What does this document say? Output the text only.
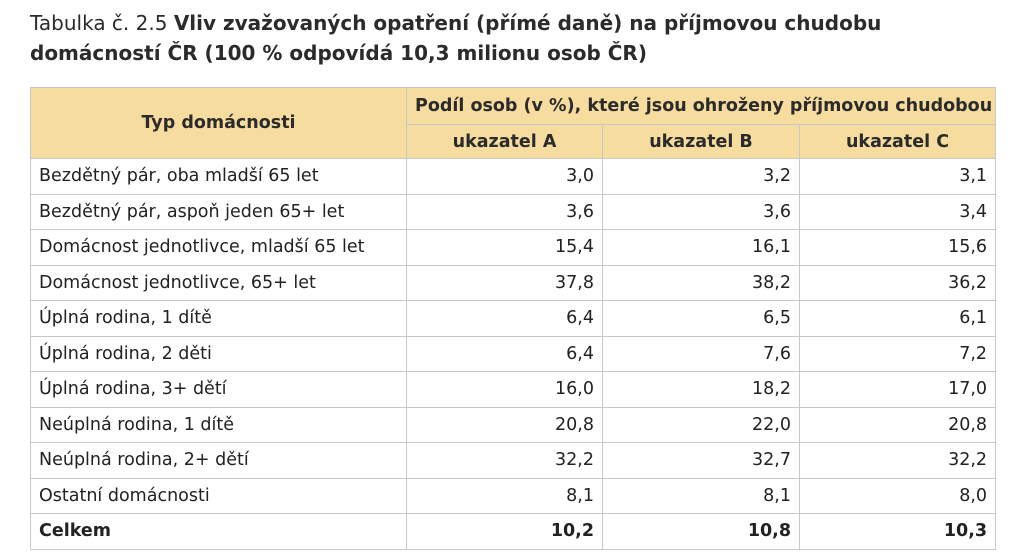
Tabulka č. 2.5 Vliv zvažovaných opatření (přímé daně) na příjmovou chudobu domácností ČR (100 % odpovídá 10,3 milionu osob ČR)
Typ domácnosti	Podíl osob (v %), které jsou ohroženy příjmovou chudobou		
	ukazatel A	ukazatel B	ukazatel C
Bezdětný pár, oba mladší 65 let	3,0	3,2	3,1
Bezdětný pár, aspoň jeden 65+ let	3,6	3,6	3,4
Domácnost jednotlivce, mladší 65 let	15,4	16,1	15,6
Domácnost jednotlivce, 65+ let	37,8	38,2	36,2
Úplná rodina, 1 dítě	6,4	6,5	6,1
Úplná rodina, 2 děti	6,4	7,6	7,2
Úplná rodina, 3+ dětí	16,0	18,2	17,0
Neúplná rodina, 1 dítě	20,8	22,0	20,8
Neúplná rodina, 2+ dětí	32,2	32,7	32,2
Ostatní domácnosti	8,1	8,1	8,0
Celkem	10,2	10,8	10,3
